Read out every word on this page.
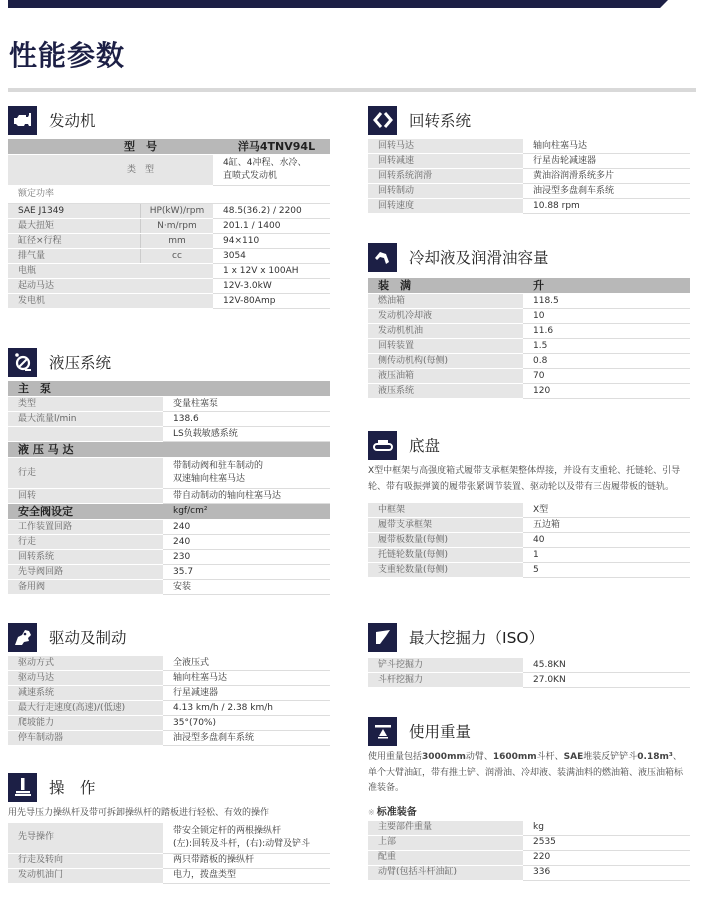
性能参数
发动机
型　号		洋马4TNV94L
类　型		4缸、4冲程、水冷、
直喷式发动机

额定功率		
SAE J1349	HP(kW)/rpm	48.5(36.2) / 2200
最大扭矩	N·m/rpm	201.1 / 1400
缸径×行程	mm	94×110
排气量	cc	3054
电瓶		1 x 12V x 100AH
起动马达		12V-3.0kW
发电机		12V-80Amp
液压系统
主　泵	
类型	变量柱塞泵
最大流量l/min	138.6
	LS负载敏感系统
液 压 马 达	
行走	带制动阀和驻车制动的
双速轴向柱塞马达

回转	带自动制动的轴向柱塞马达
安全阀设定	kgf/cm²
工作装置回路	240
行走	240
回转系统	230
先导阀回路	35.7
备用阀	安装
驱动及制动
驱动方式	全液压式
驱动马达	轴向柱塞马达
减速系统	行星减速器
最大行走速度(高速)/(低速)	4.13 km/h / 2.38 km/h
爬坡能力	35°(70%)
停车制动器	油浸型多盘刹车系统
操　作
用先导压力操纵杆及带可拆卸操纵杆的踏板进行轻松、有效的操作
先导操作	带安全锁定杆的两根操纵杆
(左):回转及斗杆，(右):动臂及铲斗

行走及转向	两只带踏板的操纵杆
发动机油门	电力，拨盘类型
回转系统
回转马达	轴向柱塞马达
回转减速	行星齿轮减速器
回转系统润滑	黄油浴润滑系统多片
回转制动	油浸型多盘刹车系统
回转速度	10.88 rpm
冷却液及润滑油容量
装　满	升
燃油箱	118.5
发动机冷却液	10
发动机机油	11.6
回转装置	1.5
侧传动机构(每侧)	0.8
液压油箱	70
液压系统	120
底盘
X型中框架与高强度箱式履带支承框架整体焊接，并设有支重轮、托链轮、引导轮、带有吸振弹簧的履带张紧调节装置、驱动轮以及带有三齿履带板的链轨。
中框架	X型
履带支承框架	五边箱
履带板数量(每侧)	40
托链轮数量(每侧)	1
支重轮数量(每侧)	5
最大挖掘力（ISO）
铲斗挖掘力	45.8KN
斗杆挖掘力	27.0KN
使用重量
使用重量包括3000mm动臂、1600mm斗杆、SAE堆装反铲铲斗0.18m³、单个大臂油缸，带有推土铲、润滑油、冷却液、装满油料的燃油箱、液压油箱标准装备。
※ 标准装备
主要部件重量	kg
上部	2535
配重	220
动臂(包括斗杆油缸)	336
